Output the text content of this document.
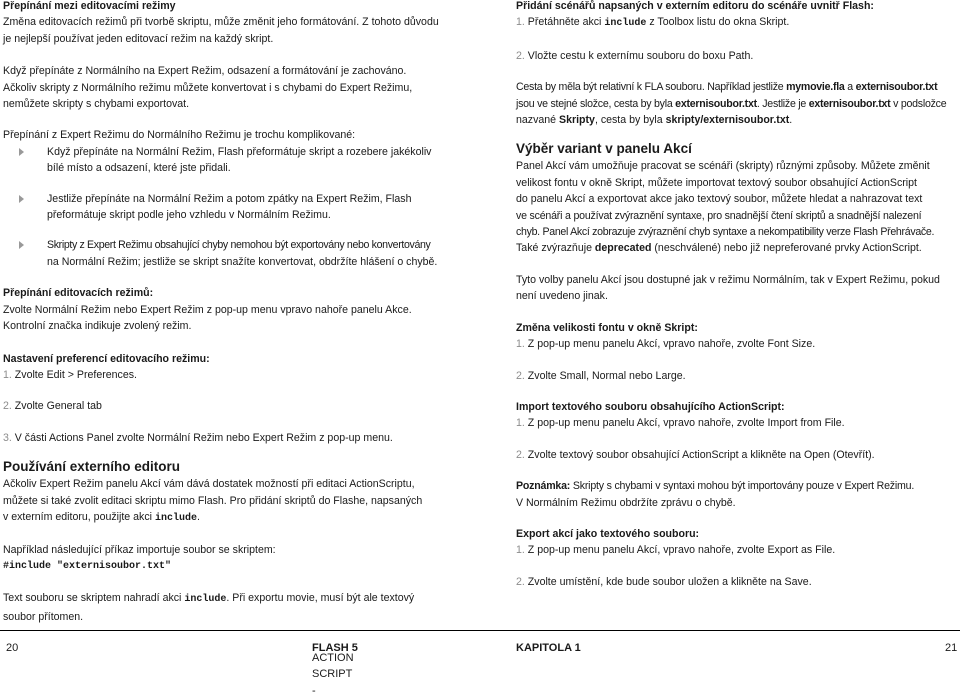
Přepínání mezi editovacími režimy

Změna editovacích režimů při tvorbě skriptu, může změnit jeho formátování. Z tohoto důvodu

je nejlepší používat jeden editovací režim na každý skript.

Když přepínáte z Normálního na Expert Režim, odsazení a formátování je zachováno.

Ačkoliv skripty z Normálního režimu můžete konvertovat i s chybami do Expert Režimu,

nemůžete skripty s chybami exportovat.

Přepínání z Expert Režimu do Normálního Režimu je trochu komplikované:

Když přepínáte na Normální Režim, Flash přeformátuje skript a rozebere jakékoliv
bílé místo a odsazení, které jste přidali.
Jestliže přepínáte na Normální Režim a potom zpátky na Expert Režim, Flash
přeformátuje skript podle jeho vzhledu v Normálním Režimu.
Skripty z Expert Režimu obsahující chyby nemohou být exportovány nebo konvertovány
na Normální Režim; jestliže se skript snažíte konvertovat, obdržíte hlášení o chybě.

Přepínání editovacích režimů:

Zvolte Normální Režim nebo Expert Režim z pop-up menu vpravo nahoře panelu Akce.

Kontrolní značka indikuje zvolený režim.

Nastavení preferencí editovacího režimu:

1. Zvolte Edit > Preferences.

2. Zvolte General tab

3. V části Actions Panel zvolte Normální Režim nebo Expert Režim z pop-up menu.

Používání externího editoru

Ačkoliv Expert Režim panelu Akcí vám dává dostatek možností při editaci ActionScriptu,

můžete si také zvolit editaci skriptu mimo Flash. Pro přidání skriptů do Flashe, napsaných

v externím editoru, použijte akci include.

Například následující příkaz importuje soubor se skriptem:

#include "externisoubor.txt"

Text souboru se skriptem nahradí akci include. Při exportu movie, musí být ale textový

soubor přítomen.

Přidání scénářů napsaných v externím editoru do scénáře uvnitř Flash:

1. Přetáhněte akci include z Toolbox listu do okna Skript.

2. Vložte cestu k externímu souboru do boxu Path.

Cesta by měla být relativní k FLA souboru. Například jestliže mymovie.fla a externisoubor.txt

jsou ve stejné složce, cesta by byla externisoubor.txt. Jestliže je externisoubor.txt v podsložce

nazvané Skripty, cesta by byla skripty/externisoubor.txt.

Výběr variant v panelu Akcí

Panel Akcí vám umožňuje pracovat se scénáři (skripty) různými způsoby. Můžete změnit

velikost fontu v okně Skript, můžete importovat textový soubor obsahující ActionScript

do panelu Akcí a exportovat akce jako textový soubor, můžete hledat a nahrazovat text

ve scénáři a používat zvýraznění syntaxe, pro snadnější čtení skriptů a snadnější nalezení

chyb. Panel Akcí zobrazuje zvýraznění chyb syntaxe a nekompatibility verze Flash Přehrávače.

Také zvýrazňuje deprecated (neschválené) nebo již nepreferované prvky ActionScript.

Tyto volby panelu Akcí jsou dostupné jak v režimu Normálním, tak v Expert Režimu, pokud

není uvedeno jinak.

Změna velikosti fontu v okně Skript:

1. Z pop-up menu panelu Akcí, vpravo nahoře, zvolte Font Size.

2. Zvolte Small, Normal nebo Large.

Import textového souboru obsahujícího ActionScript:

1. Z pop-up menu panelu Akcí, vpravo nahoře, zvolte Import from File.

2. Zvolte textový soubor obsahující ActionScript a klikněte na Open (Otevřít).

Poznámka: Skripty s chybami v syntaxi mohou být importovány pouze v Expert Režimu.

V Normálním Režimu obdržíte zprávu o chybě.

Export akcí jako textového souboru:

1. Z pop-up menu panelu Akcí, vpravo nahoře, zvolte Export as File.

2. Zvolte umístění, kde bude soubor uložen a klikněte na Save.

20
ACTION SCRIPT -
FLASH 5	KAPITOLA 1	21
